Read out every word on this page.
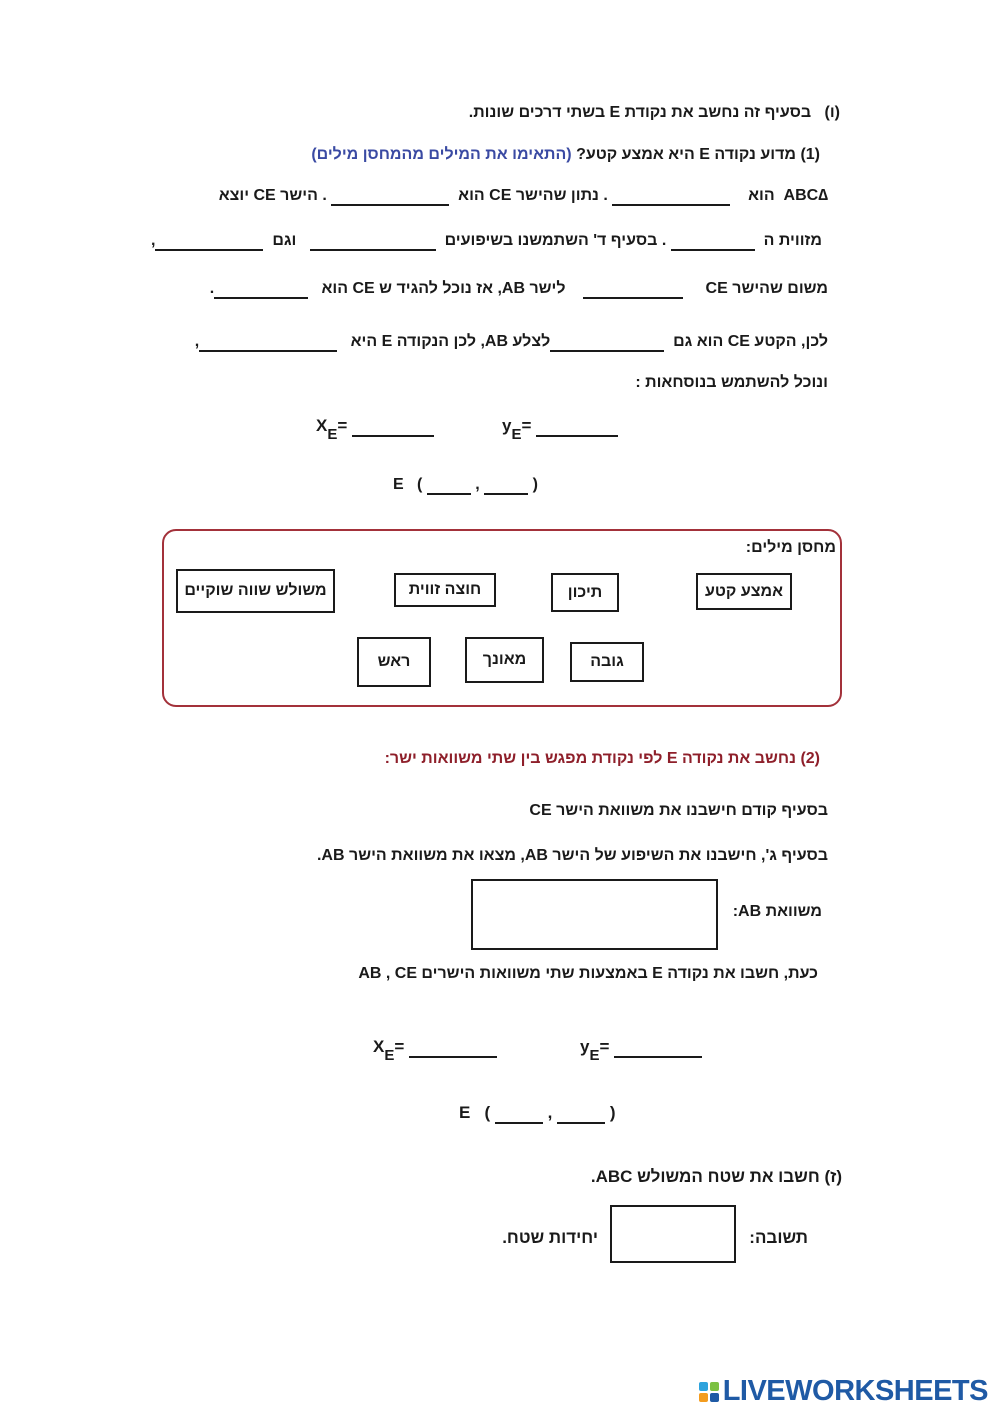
(ו)   בסעיף זה נחשב את נקודת E בשתי דרכים שונות.
(1) מדוע נקודה E היא אמצע קטע? (התאימו את המילים מהמחסן מילים)
∆ABC  הוא     . נתון שהישר CE הוא   . הישר CE יוצא
מזווית ה   . בסעיף ד' השתמשנו בשיפועים     וגם  ,
משום שהישר CE         לישר AB, אז נוכל להגיד ש CE הוא   .
לכן, הקטע CE הוא גם  לצלע AB, לכן הנקודה E היא   ,
ונוכל להשתמש בנוסחאות :
$X_E=$	$y_E=$
E (	,	)
מחסן מילים:
אמצע קטע
תיכון
חוצה זווית
משולש שווה שוקיים
גובה
מאונך
ראש
(2) נחשב את נקודה E לפי נקודת מפגש בין שתי משוואות ישר:
בסעיף קודם חישבנו את משוואת הישר CE
בסעיף ג', חישבנו את השיפוע של הישר AB, מצאו את משוואת הישר AB.
משוואת AB:
כעת, חשבו את נקודה E באמצעות שתי משוואות הישרים AB , CE
$X_E=$	$y_E=$
E (	,	)
(ז) חשבו את שטח המשולש ABC.
תשובה:
יחידות שטח.
LIVEWORKSHEETS
